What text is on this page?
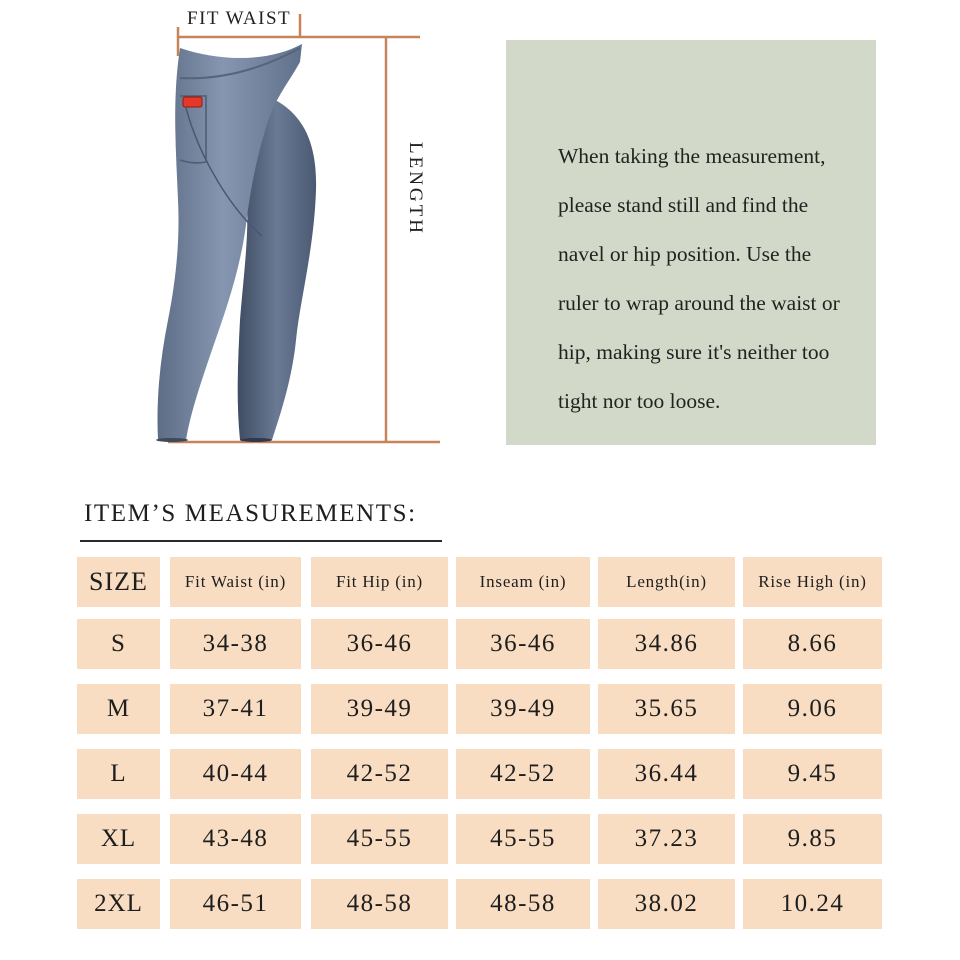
FIT WAIST
LENGTH	When taking the measurement, please stand still and find the navel or hip position. Use the ruler to wrap around the waist or hip, making sure it's neither too tight nor too loose.

ITEM’S MEASUREMENTS:
SIZE	Fit Waist (in)	Fit Hip (in)	Inseam (in)	Length(in)	Rise High (in)
S	34-38	36-46	36-46	34.86	8.66
M	37-41	39-49	39-49	35.65	9.06
L	40-44	42-52	42-52	36.44	9.45
XL	43-48	45-55	45-55	37.23	9.85
2XL	46-51	48-58	48-58	38.02	10.24
